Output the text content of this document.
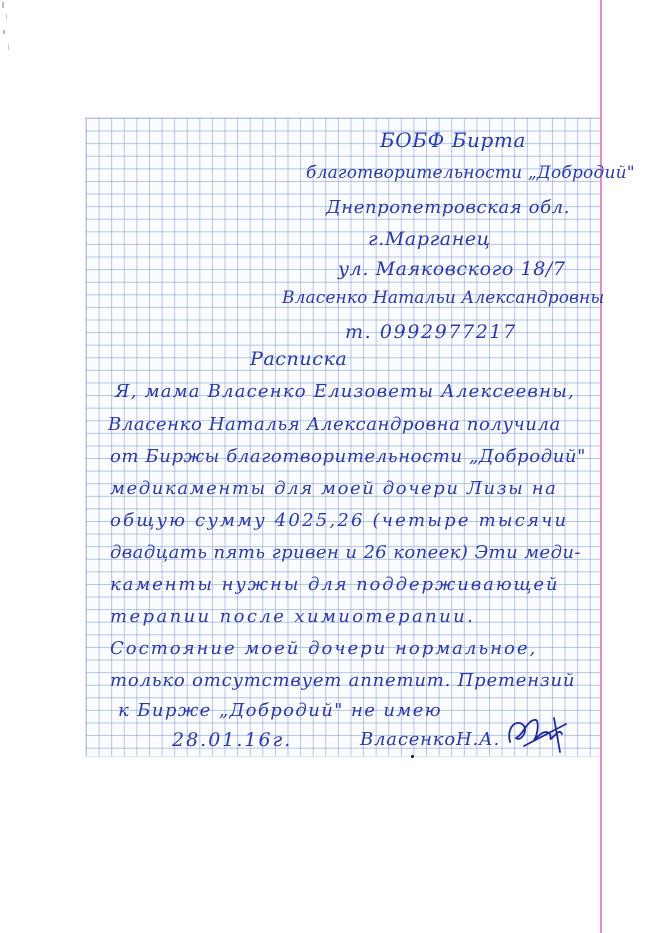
БОБФ Бирта
благотворительности „Добродий"
Днепропетровская обл.
г.Марганец
ул. Маяковского 18/7
Власенко Натальи Александровны
т. 0992977217
Расписка
Я, мама Власенко Елизоветы Алексеевны,
Власенко Наталья Александровна получила
от Биржы благотворительности „Добродий"
медикаменты для моей дочери Лизы на
общую сумму 4025,26 (четыре тысячи
двадцать пять гривен и 26 копеек) Эти меди-
каменты нужны для поддерживающей
терапии после химиотерапии.
Состояние моей дочери нормальное,
только отсутствует аппетит. Претензий
к Бирже „Добродий" не имею
28.01.16г.	ВласенкоН.А.
